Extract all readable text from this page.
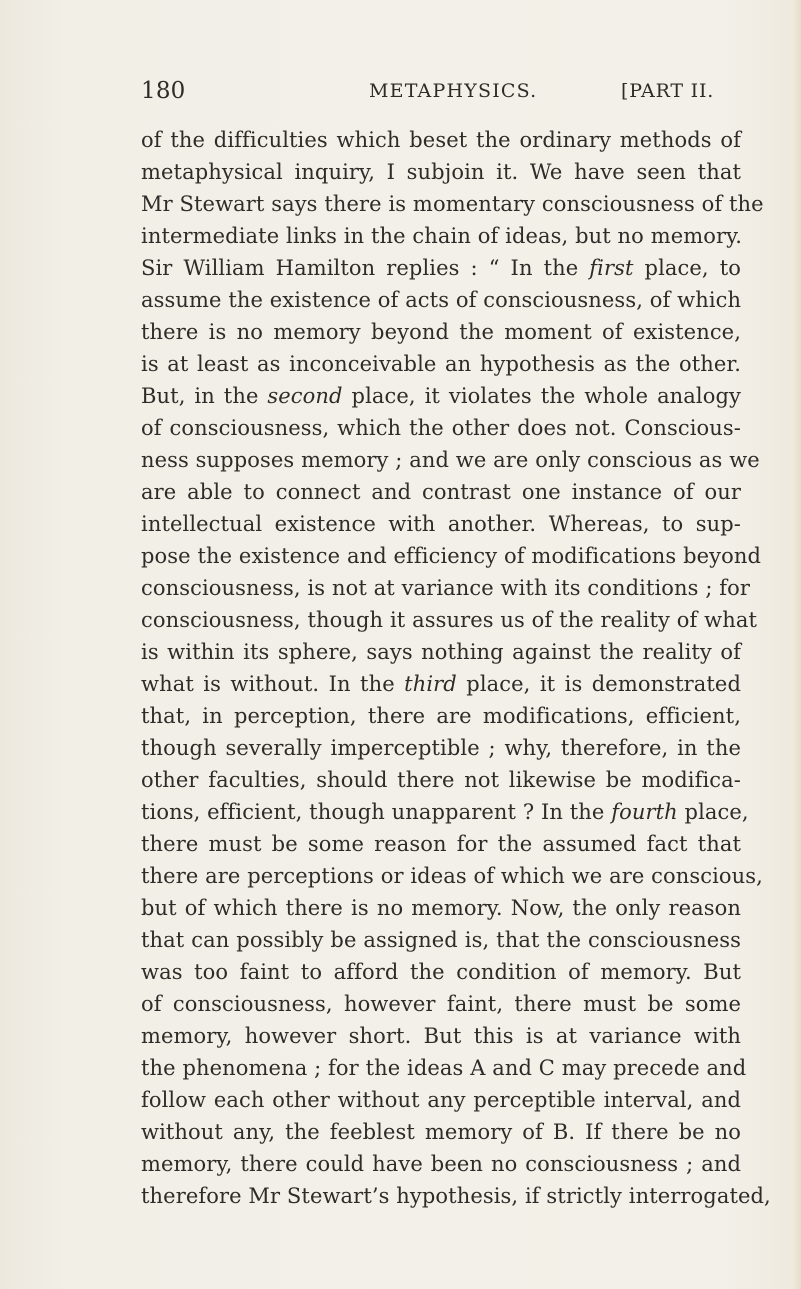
180	METAPHYSICS.	[PART II.
of the difficulties which beset the ordinary methods of
metaphysical inquiry, I subjoin it. We have seen that
Mr Stewart says there is momentary consciousness of the
intermediate links in the chain of ideas, but no memory.
Sir William Hamilton replies : “ In the first place, to
assume the existence of acts of consciousness, of which
there is no memory beyond the moment of existence,
is at least as inconceivable an hypothesis as the other.
But, in the second place, it violates the whole analogy
of consciousness, which the other does not. Conscious-
ness supposes memory ; and we are only conscious as we
are able to connect and contrast one instance of our
intellectual existence with another. Whereas, to sup-
pose the existence and efficiency of modifications beyond
consciousness, is not at variance with its conditions ; for
consciousness, though it assures us of the reality of what
is within its sphere, says nothing against the reality of
what is without. In the third place, it is demonstrated
that, in perception, there are modifications, efficient,
though severally imperceptible ; why, therefore, in the
other faculties, should there not likewise be modifica-
tions, efficient, though unapparent ? In the fourth place,
there must be some reason for the assumed fact that
there are perceptions or ideas of which we are conscious,
but of which there is no memory. Now, the only reason
that can possibly be assigned is, that the consciousness
was too faint to afford the condition of memory. But
of consciousness, however faint, there must be some
memory, however short. But this is at variance with
the phenomena ; for the ideas A and C may precede and
follow each other without any perceptible interval, and
without any, the feeblest memory of B. If there be no
memory, there could have been no consciousness ; and
therefore Mr Stewart’s hypothesis, if strictly interrogated,
